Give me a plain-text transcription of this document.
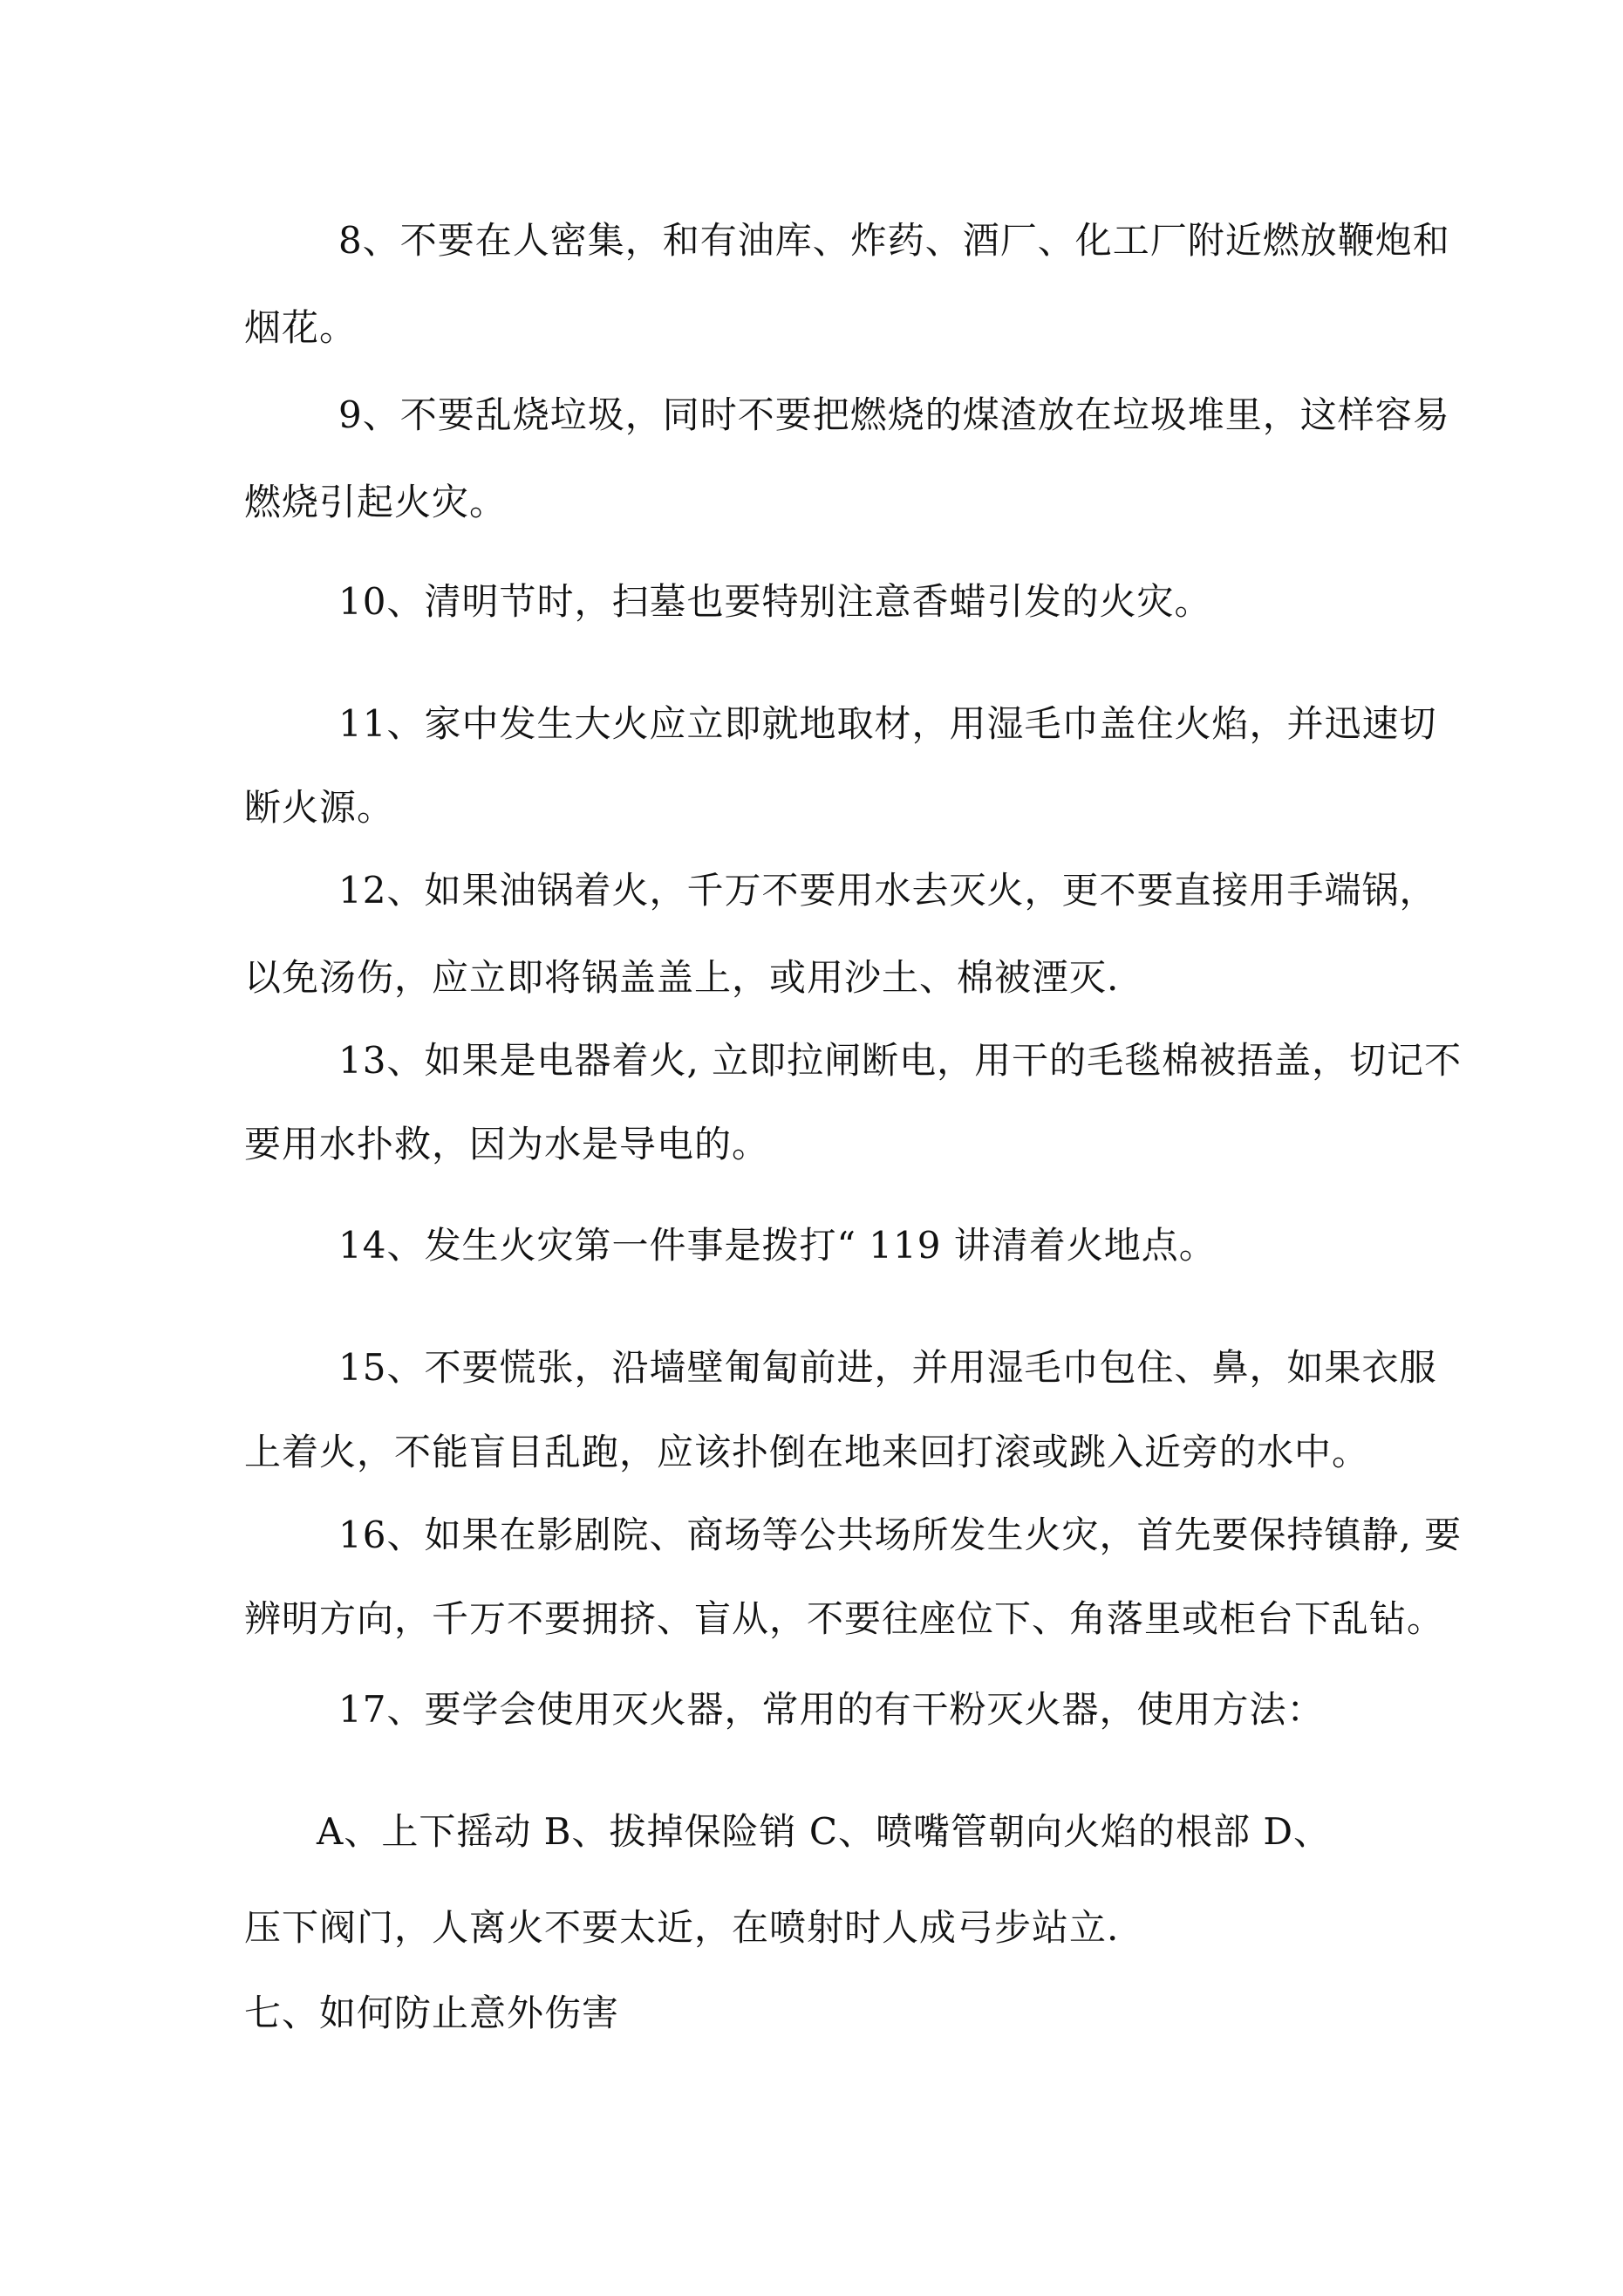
8、不要在人密集，和有油库、炸药、酒厂、化工厂附近燃放鞭炮和
烟花。
9、不要乱烧垃圾，同时不要把燃烧的煤渣放在垃圾堆里，这样容易
燃烧引起火灾。
10、清明节时，扫墓也要特别注意香蜡引发的火灾。
11、家中发生大火应立即就地取材，用湿毛巾盖住火焰，并迅速切
断火源。
12、如果油锅着火，千万不要用水去灭火，更不要直接用手端锅，
以免汤伤，应立即将锅盖盖上，或用沙土、棉被湮灭.
13、如果是电器着火, 立即拉闸断电，用干的毛毯棉被捂盖，切记不
要用水扑救，因为水是导电的。
14、发生火灾第一件事是拨打“ 119 讲清着火地点。
15、不要慌张，沿墙壁匍匐前进，并用湿毛巾包住、鼻，如果衣服
上着火，不能盲目乱跑，应该扑倒在地来回打滚或跳入近旁的水中。
16、如果在影剧院、商场等公共场所发生火灾，首先要保持镇静, 要
辨明方向，千万不要拥挤、盲从，不要往座位下、角落里或柜台下乱钻。
17、要学会使用灭火器，常用的有干粉灭火器，使用方法：
A、上下摇动 B、拔掉保险销 C、喷嘴管朝向火焰的根部 D、
压下阀门，人离火不要太近，在喷射时人成弓步站立.
七、如何防止意外伤害
